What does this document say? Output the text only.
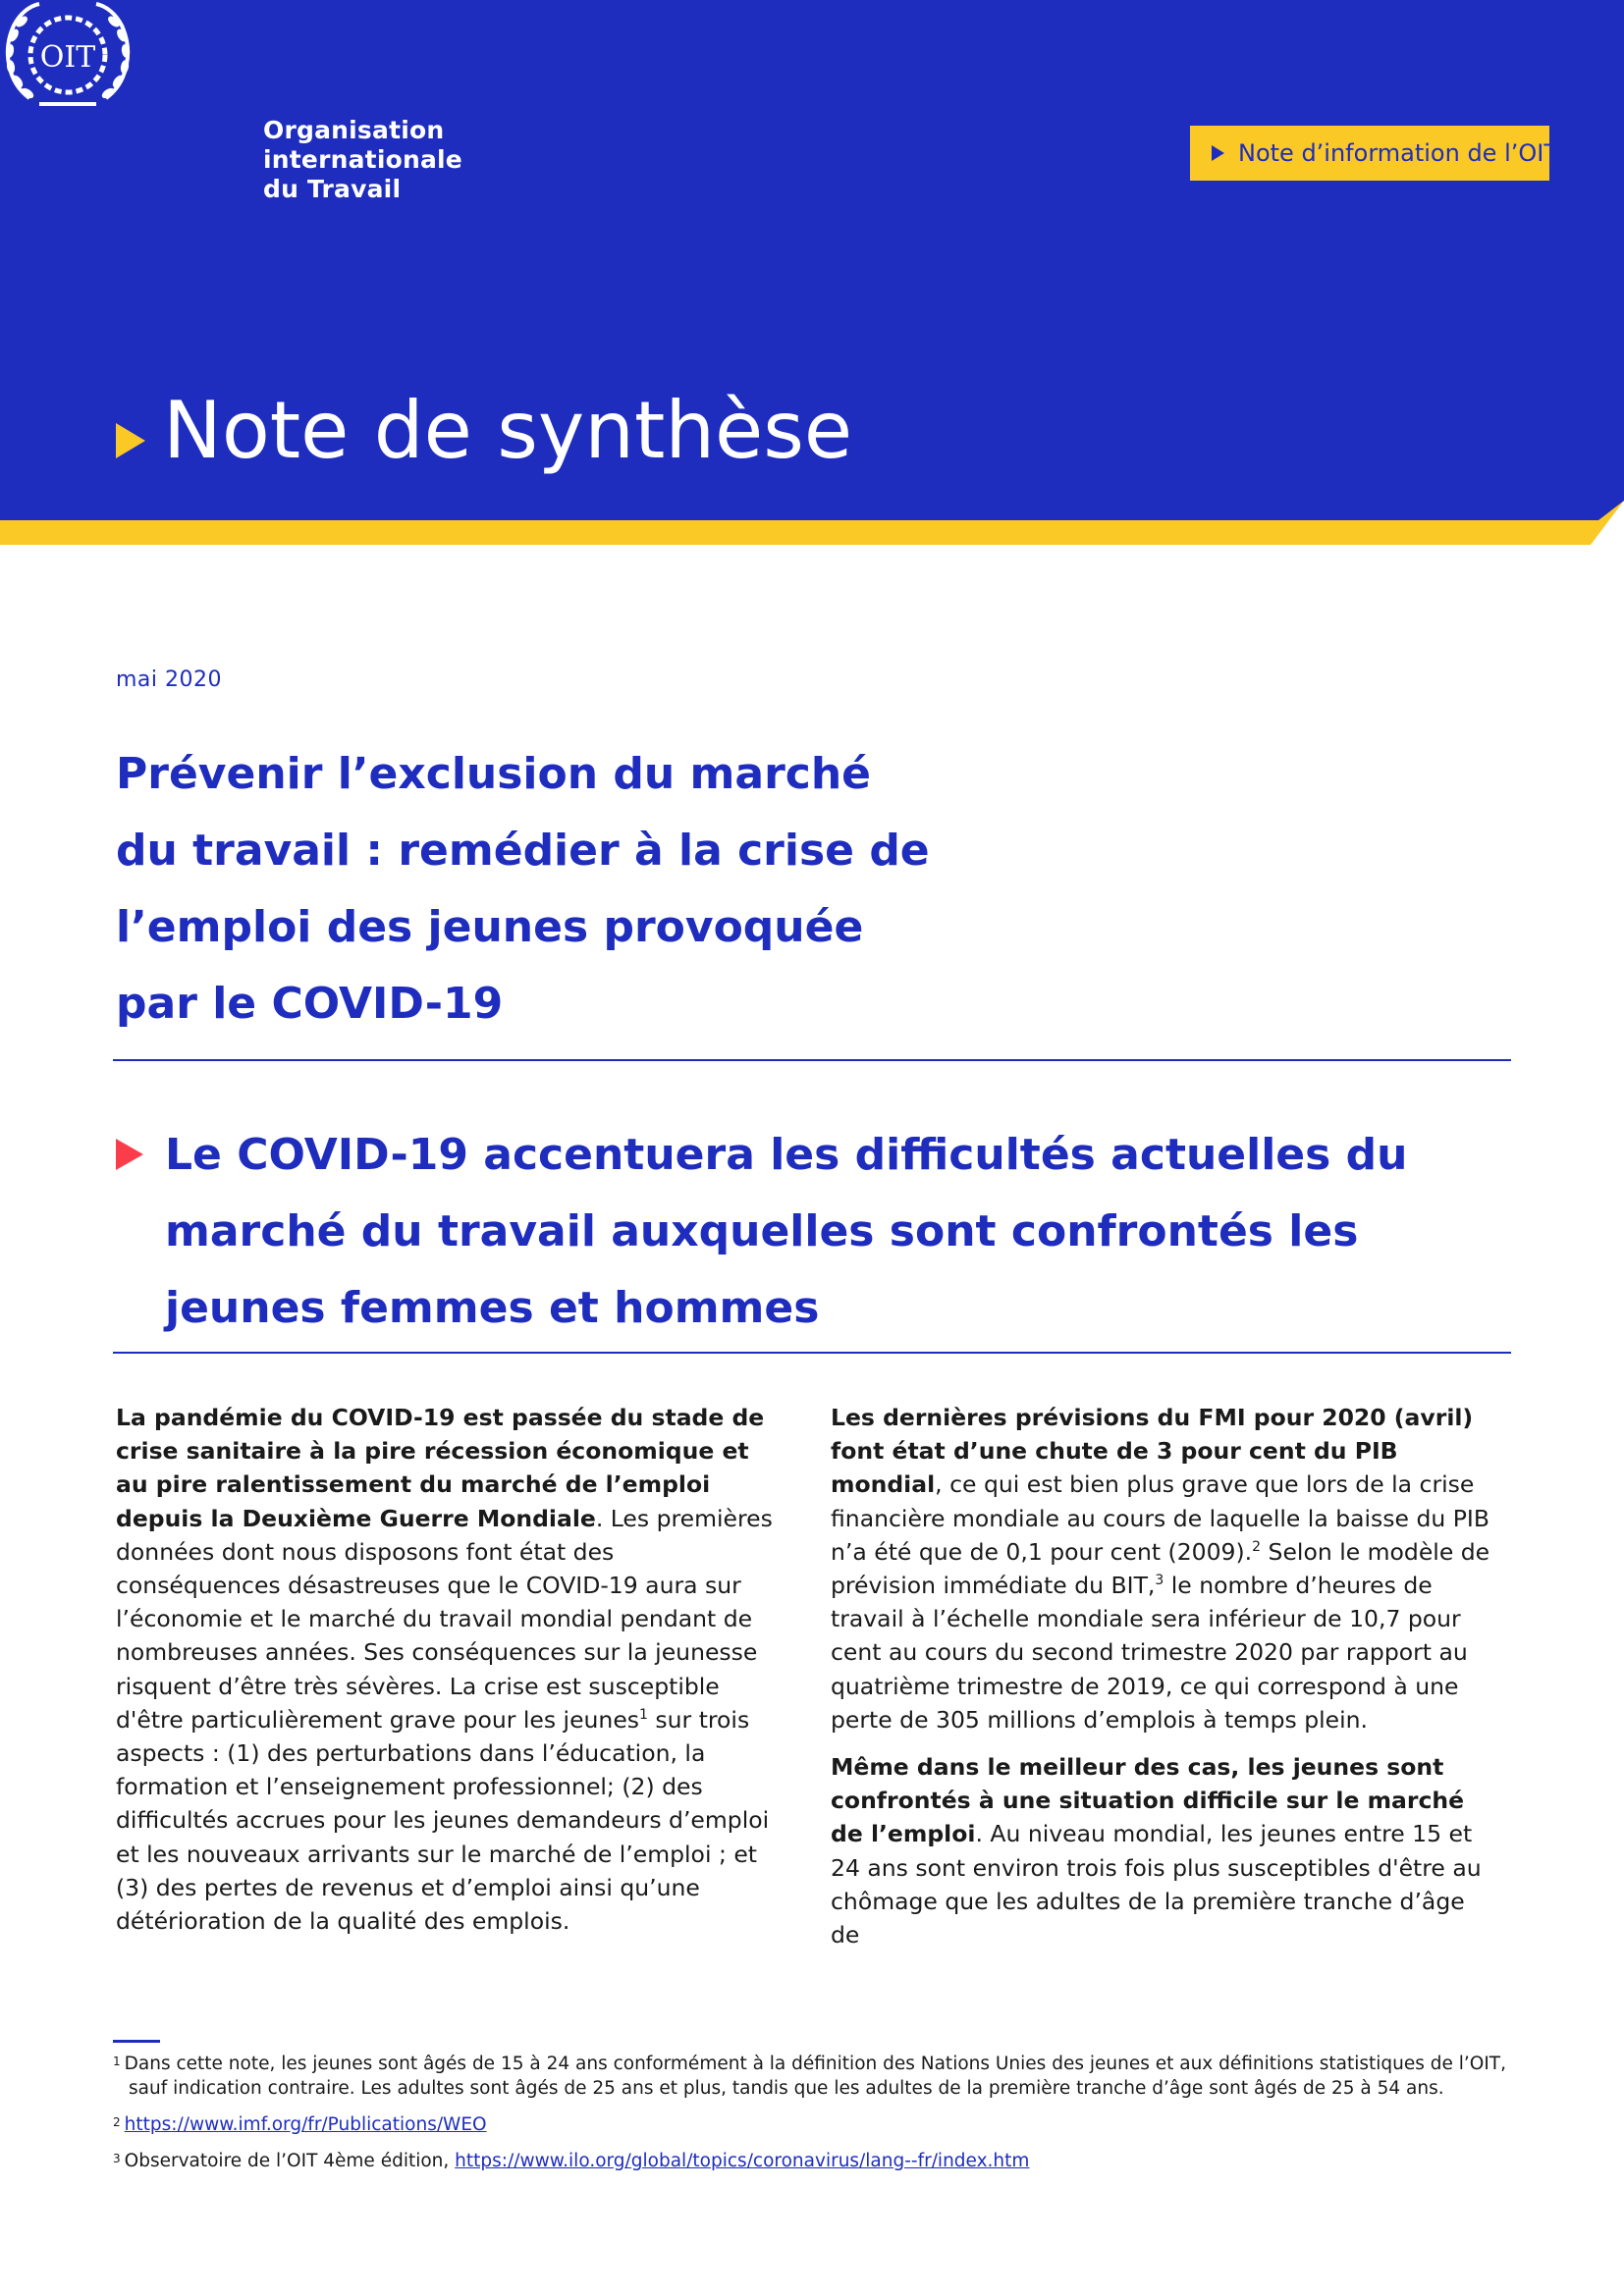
OIT
Organisation
internationale
du Travail
Note d’information de l’OIT
Note de synthèse
mai 2020
Prévenir l’exclusion du marché du travail : remédier à la crise de l’emploi des jeunes provoquée par le COVID-19
Le COVID-19 accentuera les difficultés actuelles du marché du travail auxquelles sont confrontés les jeunes femmes et hommes

La pandémie du COVID-19 est passée du stade de crise sanitaire à la pire récession économique et au pire ralentissement du marché de l’emploi depuis la Deuxième Guerre Mondiale. Les premières données dont nous disposons font état des conséquences désastreuses que le COVID-19 aura sur l’économie et le marché du travail mondial pendant de nombreuses années. Ses conséquences sur la jeunesse risquent d’être très sévères. La crise est susceptible d'être particulièrement grave pour les jeunes$^1$ sur trois aspects : (1) des perturbations dans l’éducation, la formation et l’enseignement professionnel; (2) des difficultés accrues pour les jeunes demandeurs d’emploi et les nouveaux arrivants sur le marché de l’emploi ; et (3) des pertes de revenus et d’emploi ainsi qu’une détérioration de la qualité des emplois.

Les dernières prévisions du FMI pour 2020 (avril) font état d’une chute de 3 pour cent du PIB mondial, ce qui est bien plus grave que lors de la crise financière mondiale au cours de laquelle la baisse du PIB n’a été que de 0,1 pour cent (2009).$^2$ Selon le modèle de prévision immédiate du BIT,$^3$ le nombre d’heures de travail à l’échelle mondiale sera inférieur de 10,7 pour cent au cours du second trimestre 2020 par rapport au quatrième trimestre de 2019, ce qui correspond à une perte de 305 millions d’emplois à temps plein.

Même dans le meilleur des cas, les jeunes sont confrontés à une situation difficile sur le marché de l’emploi. Au niveau mondial, les jeunes entre 15 et 24 ans sont environ trois fois plus susceptibles d'être au chômage que les adultes de la première tranche d’âge de

$^1$ Dans cette note, les jeunes sont âgés de 15 à 24 ans conformément à la définition des Nations Unies des jeunes et aux définitions statistiques de l’OIT,
sauf indication contraire. Les adultes sont âgés de 25 ans et plus, tandis que les adultes de la première tranche d’âge sont âgés de 25 à 54 ans.
$^2$ https://www.imf.org/fr/Publications/WEO
$^3$ Observatoire de l’OIT 4ème édition, https://www.ilo.org/global/topics/coronavirus/lang--fr/index.htm
